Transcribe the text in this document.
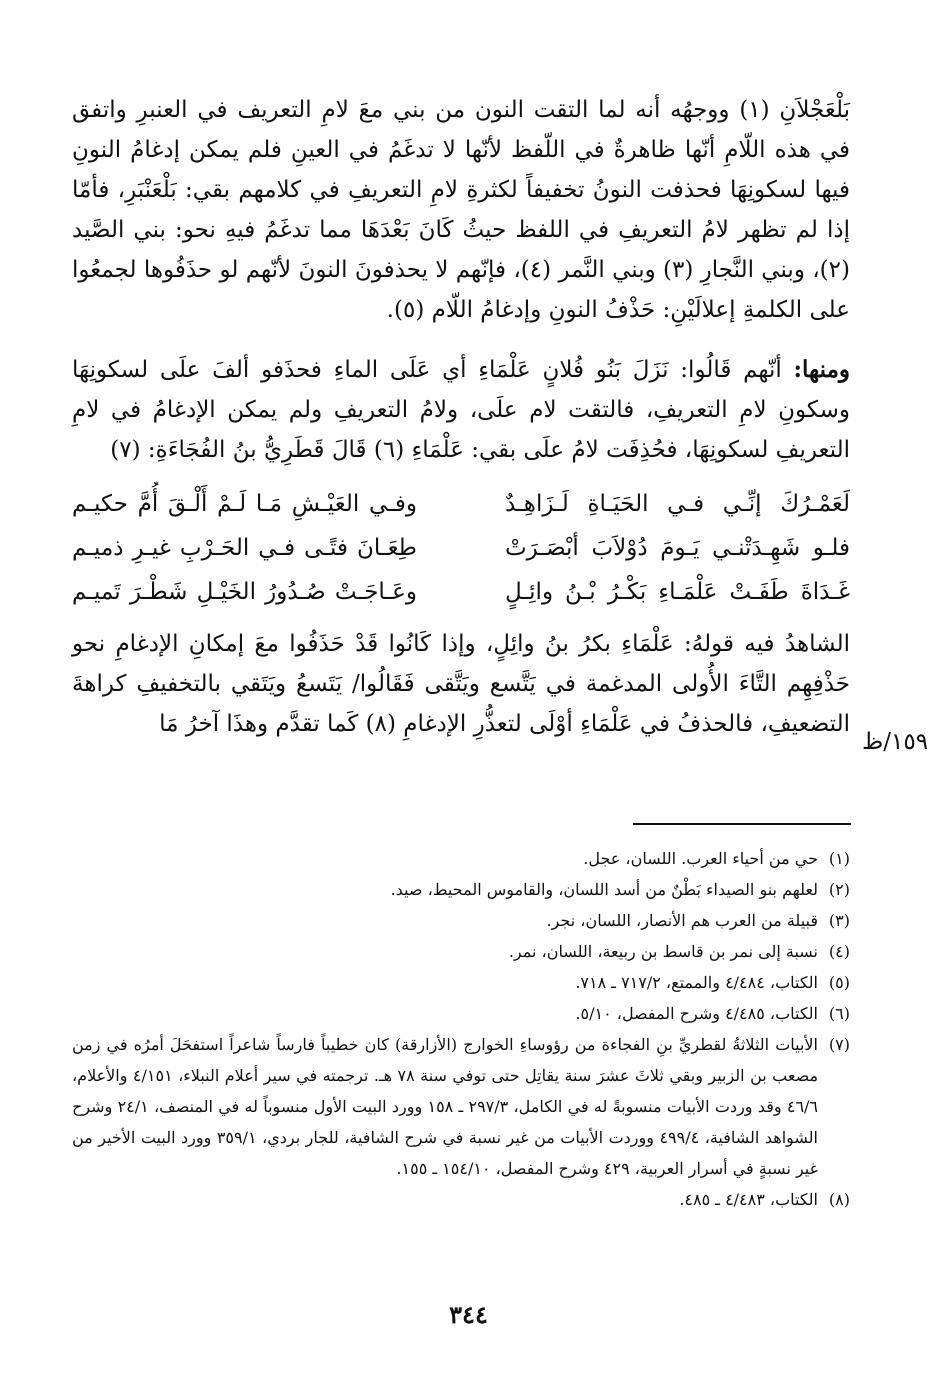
١٥٩/ظ

بَلْعَجْلاَنِ (١) ووجهُه أنه لما التقت النون من بني معَ لامِ التعريف في العنبرِ واتفق في هذه اللّامِ أنّها ظاهرةٌ في اللّفظ لأنّها لا تدغَمُ في العينِ فلم يمكن إدغامُ النونِ فيها لسكونِهَا فحذفت النونُ تخفيفاً لكثرةِ لامِ التعريفِ في كلامهم بقي: بَلْعَنْبَرِ، فأمّا إذا لم تظهر لامُ التعريفِ في اللفظ حيثُ كَانَ بَعْدَهَا مما تدغَمُ فيهِ نحو: بني الصَّيد (٢)، وبني النَّجارِ (٣) وبني النَّمر (٤)، فإنّهم لا يحذفونَ النونَ لأنّهم لو حذَفُوها لجمعُوا على الكلمةِ إعلالَيْنِ: حَذْفُ النونِ وإدغامُ اللّام (٥).

ومنها: أنّهم قَالُوا: نَزَلَ بَنُو فُلانٍ عَلْمَاءِ أي عَلَى الماءِ فحذَفو ألفَ علَى لسكونِهَا وسكونِ لامِ التعريفِ، فالتقت لام علَى، ولامُ التعريفِ ولم يمكن الإدغامُ في لامِ التعريفِ لسكونِهَا، فحُذِفَت لامُ علَى بقي: عَلْمَاءِ (٦) قَالَ قَطَرِيُّ بنُ الفُجَاءَةِ: (٧)

لَعَمْـرُكَ إنِّـي فـي الحَيَـاةِ لَـزَاهِـدٌ
وفـي العَيْـشِ مَـا لَـمْ أَلْـقَ أُمَّ حكيـم
فلـو شَهِـدَتْنـي يَـومَ دُوْلاَبَ أبْصَـرَتْ
طِعَـانَ فتًـى فـي الحَـرْبِ غيـرِ ذميـم
غَـدَاةَ طَفَـتْ عَلْمَـاءِ بَكْـرُ بْـنُ وائِـلٍ
وعَـاجَـتْ صُـدُورُ الخَيْـلِ شَطْـرَ تَميـم

الشاهدُ فيه قولهُ: عَلْمَاءِ بكرُ بنُ وائِلٍ، وإذا كَانُوا قَدْ حَذَفُوا معَ إمكانِ الإدغامِ نحو حَذْفِهِم التَّاءَ الأُولى المدغمة في يَتَّسع ويَتَّقى فَقَالُوا/ يَتَسعُ ويَتَقي بالتخفيفِ كراهةَ التضعيفِ، فالحذفُ في عَلْمَاءِ أوْلَى لتعذُّرِ الإدغامِ (٨) كَما تقدَّم وهذَا آخرُ مَا

(١)
حي من أحياء العرب. اللسان، عجل.
(٢)
لعلهم بنو الصيداء بَطْنٌ من أسد اللسان، والقاموس المحيط، صيد.
(٣)
قبيلة من العرب هم الأنصار، اللسان، نجر.
(٤)
نسبة إلى نمر بن قاسط بن ربيعة، اللسان، نمر.
(٥)
الكتاب، ٤/٤٨٤ والممتع، ٧١٧/٢ ـ ٧١٨.
(٦)
الكتاب، ٤/٤٨٥ وشرح المفصل، ٥/١٠.
(٧)
الأبيات الثلاثةُ لقطريِّ بنِ الفجاءة من رؤوساءِ الخوارج (الأزارقة) كان خطيباً فارساً شاعراً استفحَلَ أمرُه في زمن مصعب بن الزبير وبقي ثلاثَ عشرَ سنة يقاتِل حتى توفي سنة ٧٨ هـ. ترجمته في سير أعلام النبلاء، ٤/١٥١ والأعلام، ٤٦/٦ وقد وردت الأبيات منسوبةً له في الكامل، ٢٩٧/٣ ـ ١٥٨ وورد البيت الأول منسوباً له في المنصف، ٢٤/١ وشرح الشواهد الشافية، ٤٩٩/٤ ووردت الأبيات من غير نسبة في شرح الشافية، للجار بردي، ٣٥٩/١ وورد البيت الأخير من غير نسبةٍ في أسرار العربية، ٤٢٩ وشرح المفصل، ١٥٤/١٠ ـ ١٥٥.
(٨)
الكتاب، ٤/٤٨٣ ـ ٤٨٥.
٣٤٤
